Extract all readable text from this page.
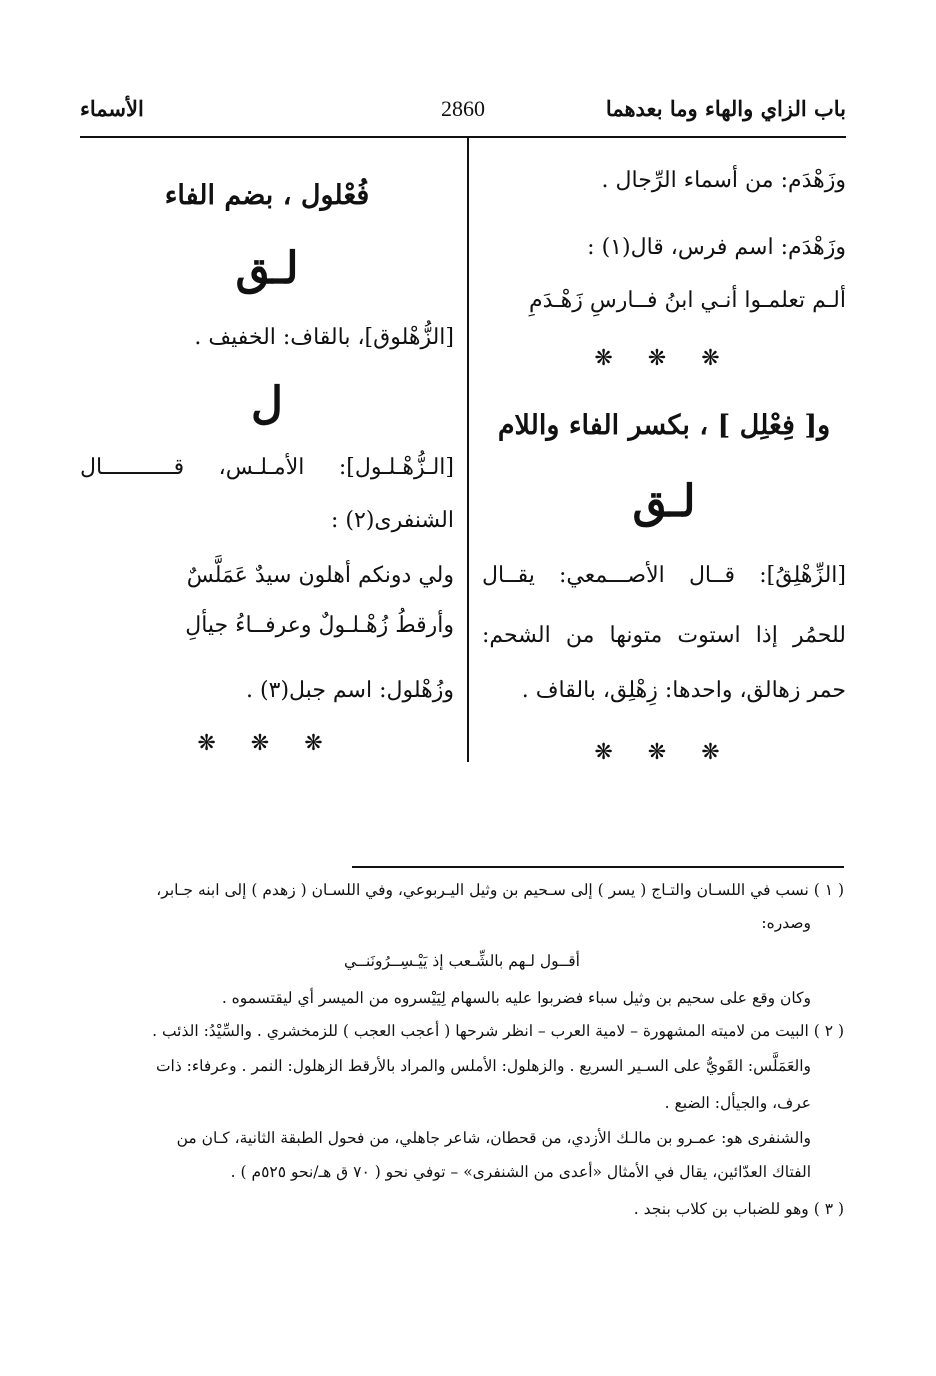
باب الزاي والهاء وما بعدهما
2860
الأسماء
وزَهْدَم: من أسماء الرِّجال .
وزَهْدَم: اسم فرس، قال(١) :
ألـم تعلمـوا أنـي ابنُ فــارسِ زَهْـدَمِ
❋ ❋ ❋
و[ فِعْلِل ] ، بكسر الفاء واللام
لـق
[الزِّهْلِقُ]: قــال الأصـــمعي: يقــال
للحمُر إذا استوت متونها من الشحم:
حمر زهالق، واحدها: زِهْلِق، بالقاف .
❋ ❋ ❋
فُعْلول ، بضم الفاء
لـق
[الزُّهْلوق]، بالقاف: الخفيف .
ل
[الـزُّهْـلـول]: الأمـلـس، قـــــــــــال
الشنفرى(٢) :
ولي دونكم أهلون سيدٌ عَمَلَّسٌ
وأرقطُ زُهْـلـولٌ وعرفــاءُ جيألِ
وزُهْلول: اسم جبل(٣) .
❋ ❋ ❋
( ١ ) نسب في اللسـان والتـاج ( يسر ) إلى سـحيم بن وثيل اليـربوعي، وفي اللسـان ( زهدم ) إلى ابنه جـابر،
وصدره:
أقــول لـهم بالشِّـعب إذ يَيْـسِــرُونَنــي
وكان وقع على سحيم بن وثيل سباء فضربوا عليه بالسهام لِيَيْسروه من الميسر أي ليقتسموه .
( ٢ ) البيت من لاميته المشهورة – لامية العرب – انظر شرحها ( أعجب العجب ) للزمخشري . والسِّيْدُ: الذئب .
والعَمَلَّس: القَويُّ على السـير السريع . والزهلول: الأملس والمراد بالأرقط الزهلول: النمر . وعرفاء: ذات
عرف، والجيأل: الضبع .
والشنفرى هو: عمـرو بن مالـك الأزدي، من قحطان، شاعر جاهلي، من فحول الطبقة الثانية، كـان من
الفتاك العدّائين، يقال في الأمثال «أعدى من الشنفرى» – توفي نحو ( ٧٠ ق هـ/نحو ٥٢٥م ) .
( ٣ ) وهو للضباب بن كلاب بنجد .
